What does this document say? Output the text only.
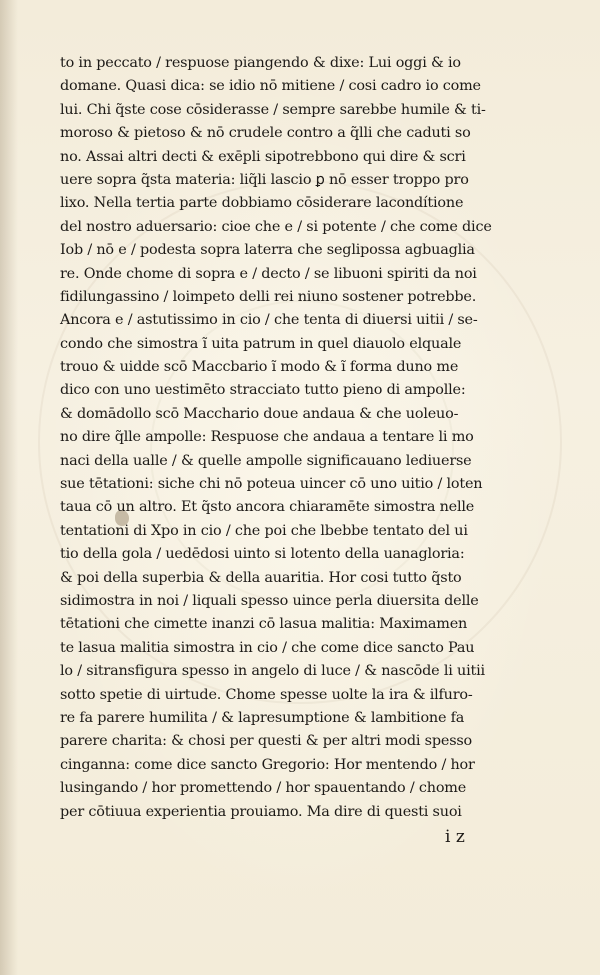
to in peccato / respuose piangendo & dixe: Lui oggi & io
domane. Quasi dica: se idio nō mitiene / cosi cadro io come
lui. Chi q̃ste cose cōsiderasse / sempre sarebbe humile & ti-
moroso & pietoso & nō crudele contro a q̃lli che caduti so
no. Assai altri decti & exēpli sipotrebbono qui dire & scri
uere sopra q̃sta materia: liq̃li lascio ꝑ nō esser troppo pro
lixo. Nella tertia parte dobbiamo cōsiderare lacondítione
del nostro aduersario: cioe che e / si potente / che come dice
Iob / nō e / podesta sopra laterra che seglipossa agbuaglia
re. Onde chome di sopra e / decto / se libuoni spiriti da noi
fidilungassino / loimpeto delli rei niuno sostener potrebbe.
Ancora e / astutissimo in cio / che tenta di diuersi uitii / se-
condo che simostra ĩ uita patrum in quel diauolo elquale
trouo & uidde scō Maccbario ĩ modo & ĩ forma duno me
dico con uno uestimēto stracciato tutto pieno di ampolle:
& domādollo scō Macchario doue andaua & che uoleuo-
no dire q̃lle ampolle: Respuose che andaua a tentare li mo
naci della ualle / & quelle ampolle significauano lediuerse
sue tētationi: siche chi nō poteua uincer cō uno uitio / loten
taua cō un altro. Et q̃sto ancora chiaramēte simostra nelle
tentationi di Xpo in cio / che poi che lbebbe tentato del ui
tio della gola / uedēdosi uinto si lotento della uanagloria:
& poi della superbia & della auaritia. Hor cosi tutto q̃sto
sidimostra in noi / liquali spesso uince perla diuersita delle
tētationi che cimette inanzi cō lasua malitia: Maximamen
te lasua malitia simostra in cio / che come dice sancto Pau
lo / sitransfigura spesso in angelo di luce / & nascōde li uitii
sotto spetie di uirtude. Chome spesse uolte la ira & ilfuro-
re fa parere humilita / & lapresumptione & lambitione fa
parere charita: & chosi per questi & per altri modi spesso
cinganna: come dice sancto Gregorio: Hor mentendo / hor
lusingando / hor promettendo / hor spauentando / chome
per cōtiuua experientia prouiamo. Ma dire di questi suoi
i z
